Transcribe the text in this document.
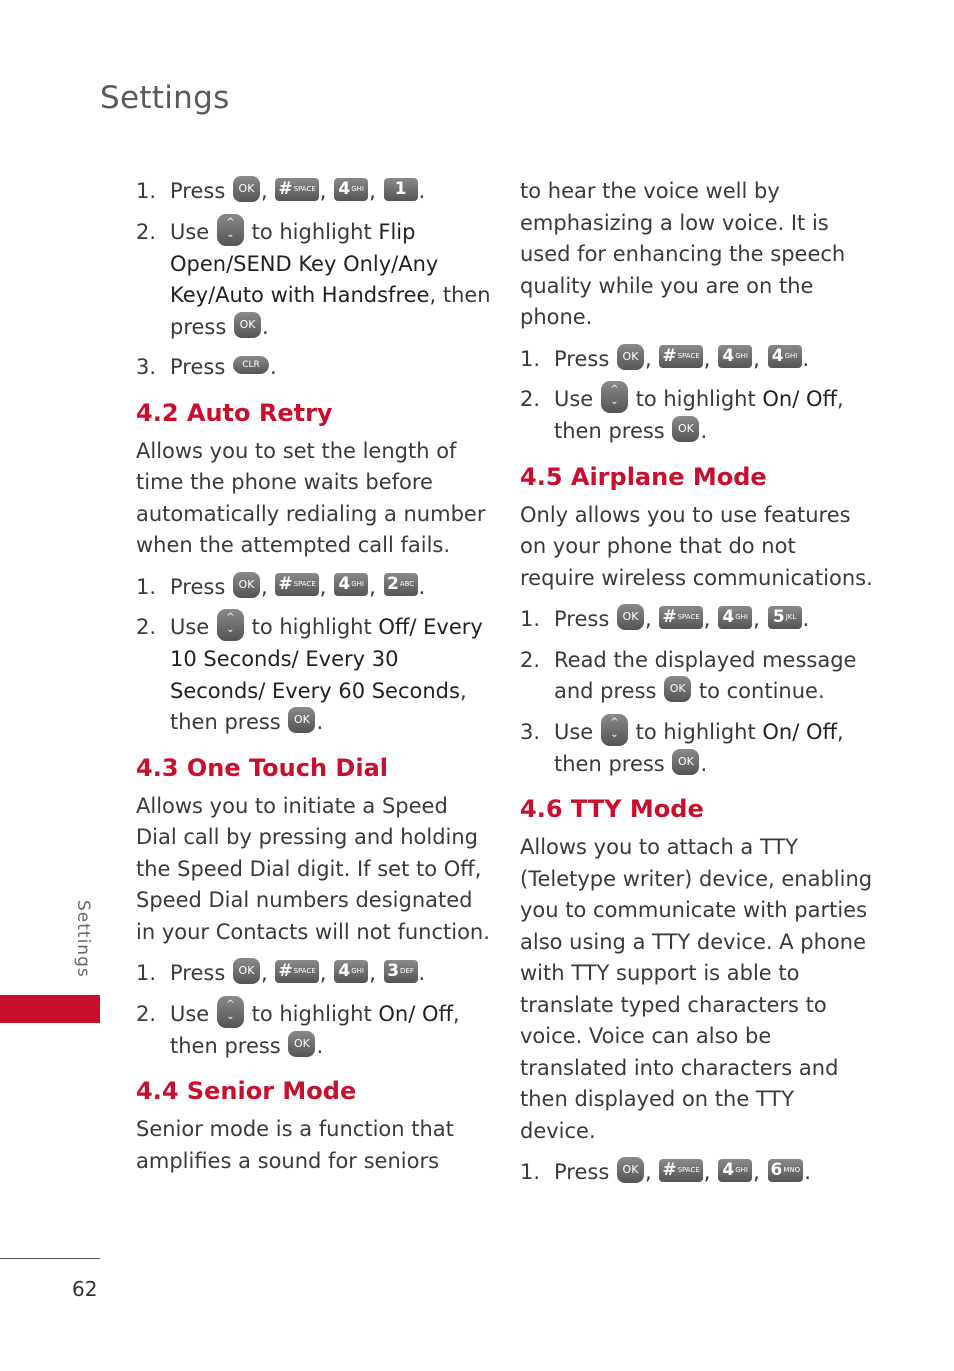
Settings
1. Press OK , #$^{SPACE}$ , $4^{GHI}$ , 1 .
2. Use	^
⌄ to highlight Flip Open/SEND Key Only/Any Key/Auto with Handsfree, then press OK .
3. Press CLR .
4.2 Auto Retry

Allows you to set the length of time the phone waits before automatically redialing a number when the attempted call fails.

1. Press OK , #$^{SPACE}$ , $4^{GHI}$ , $2^{ABC}$ .
2. Use	^
⌄ to highlight Off/ Every 10 Seconds/ Every 30 Seconds/ Every 60 Seconds, then press OK .
4.3 One Touch Dial

Allows you to initiate a Speed Dial call by pressing and holding the Speed Dial digit. If set to Off, Speed Dial numbers designated in your Contacts will not function.

1. Press OK , #$^{SPACE}$ , $4^{GHI}$ , $3^{DEF}$ .
2. Use	^
⌄ to highlight On/ Off, then press OK .
4.4 Senior Mode

Senior mode is a function that amplifies a sound for seniors

to hear the voice well by emphasizing a low voice. It is used for enhancing the speech quality while you are on the phone.

1. Press OK , #$^{SPACE}$ , $4^{GHI}$ , $4^{GHI}$ .
2. Use	^
⌄ to highlight On/ Off, then press OK .
4.5 Airplane Mode

Only allows you to use features on your phone that do not require wireless communications.

1. Press OK , #$^{SPACE}$ , $4^{GHI}$ , $5^{JKL}$ .
2. Read the displayed message and press OK to continue.
3. Use	^
⌄ to highlight On/ Off, then press OK .
4.6 TTY Mode

Allows you to attach a TTY (Teletype writer) device, enabling you to communicate with parties also using a TTY device. A phone with TTY support is able to translate typed characters to voice. Voice can also be translated into characters and then displayed on the TTY device.

1. Press OK , #$^{SPACE}$ , $4^{GHI}$ , $6^{MNO}$ .
Settings
62
